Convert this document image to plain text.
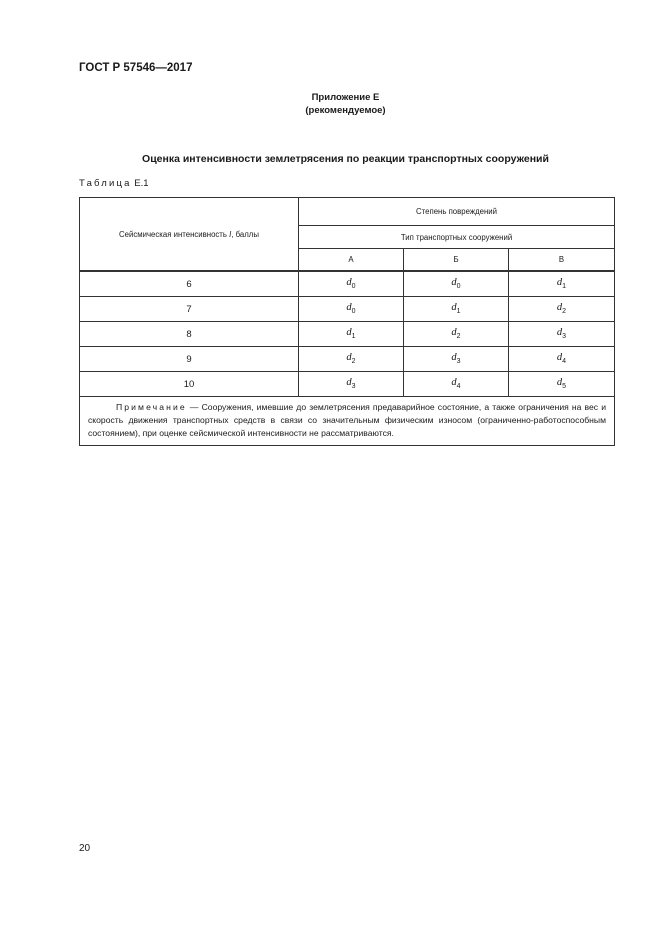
ГОСТ Р 57546—2017
Приложение Е
(рекомендуемое)
Оценка интенсивности землетрясения по реакции транспортных сооружений
Таблица Е.1
Сейсмическая интенсивность I, баллы	Степень повреждений		
	Тип транспортных сооружений		
	А	Б	В
6	$d_0$	$d_0$	$d_1$
7	$d_0$	$d_1$	$d_2$
8	$d_1$	$d_2$	$d_3$
9	$d_2$	$d_3$	$d_4$
10	$d_3$	$d_4$	$d_5$
Примечание — Сооружения, имевшие до землетрясения предаварийное состояние, а также ограничения на вес и скорость движения транспортных средств в связи со значительным физическим износом (ограниченно-работоспособным состоянием), при оценке сейсмической интенсивности не рассматриваются.			
20
